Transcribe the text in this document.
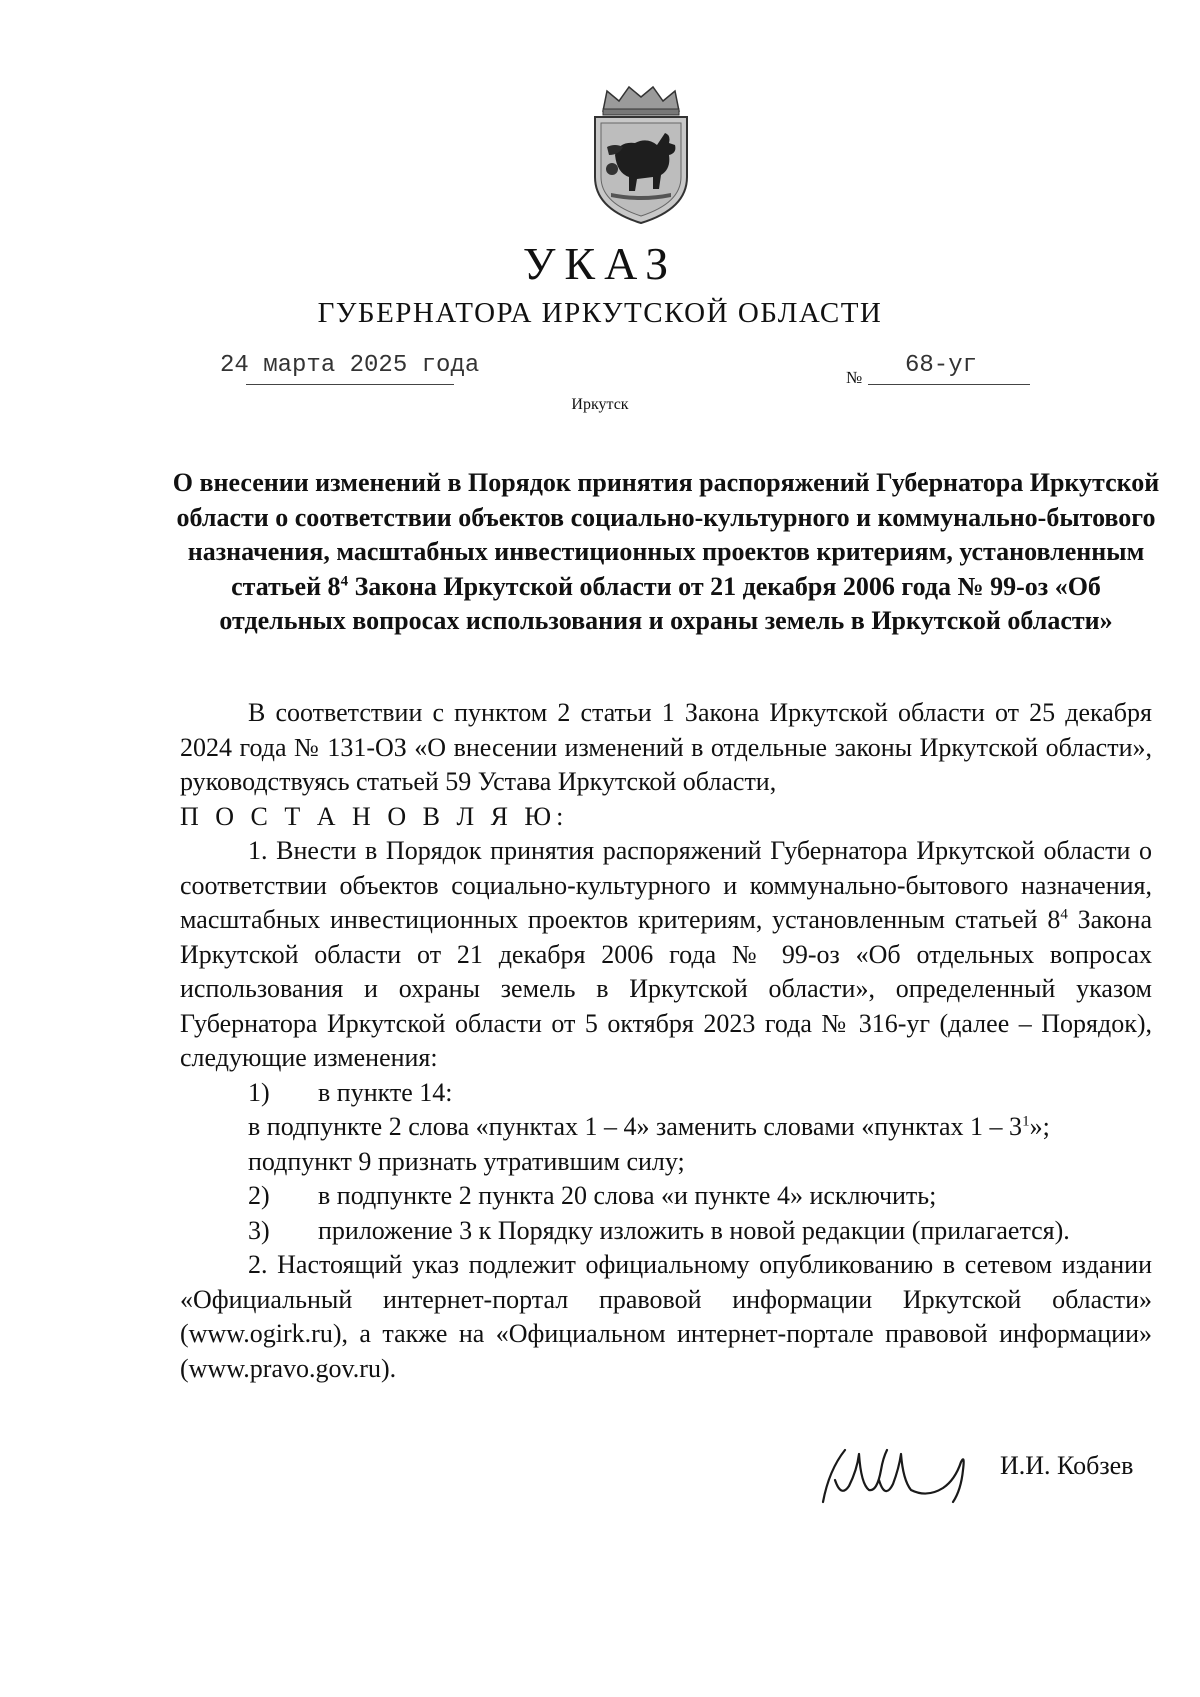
УКАЗ
ГУБЕРНАТОРА ИРКУТСКОЙ ОБЛАСТИ
24 марта 2025 года	№ 68-уг
Иркутск
О внесении изменений в Порядок принятия распоряжений Губернатора Иркутской области о соответствии объектов социально-культурного и коммунально-бытового назначения, масштабных инвестиционных проектов критериям, установленным статьей $8^4$ Закона Иркутской области от 21 декабря 2006 года № 99-оз «Об отдельных вопросах использования и охраны земель в Иркутской области»

В соответствии с пунктом 2 статьи 1 Закона Иркутской области от 25 декабря 2024 года № 131-ОЗ «О внесении изменений в отдельные законы Иркутской области», руководствуясь статьей 59 Устава Иркутской области,

П О С Т А Н О В Л Я Ю:

1. Внести в Порядок принятия распоряжений Губернатора Иркутской области о соответствии объектов социально-культурного и коммунально-бытового назначения, масштабных инвестиционных проектов критериям, установленным статьей $8^4$ Закона Иркутской области от 21 декабря 2006 года № 99-оз «Об отдельных вопросах использования и охраны земель в Иркутской области», определенный указом Губернатора Иркутской области от 5 октября 2023 года № 316-уг (далее – Порядок), следующие изменения:

1) в пункте 14:

в подпункте 2 слова «пунктах 1 – 4» заменить словами «пунктах $1 - 3^1$»;

подпункт 9 признать утратившим силу;

2) в подпункте 2 пункта 20 слова «и пункте 4» исключить;

3) приложение 3 к Порядку изложить в новой редакции (прилагается).

2. Настоящий указ подлежит официальному опубликованию в сетевом издании «Официальный интернет-портал правовой информации Иркутской области» (www.ogirk.ru), а также на «Официальном интернет-портале правовой информации» (www.pravo.gov.ru).

И.И. Кобзев
